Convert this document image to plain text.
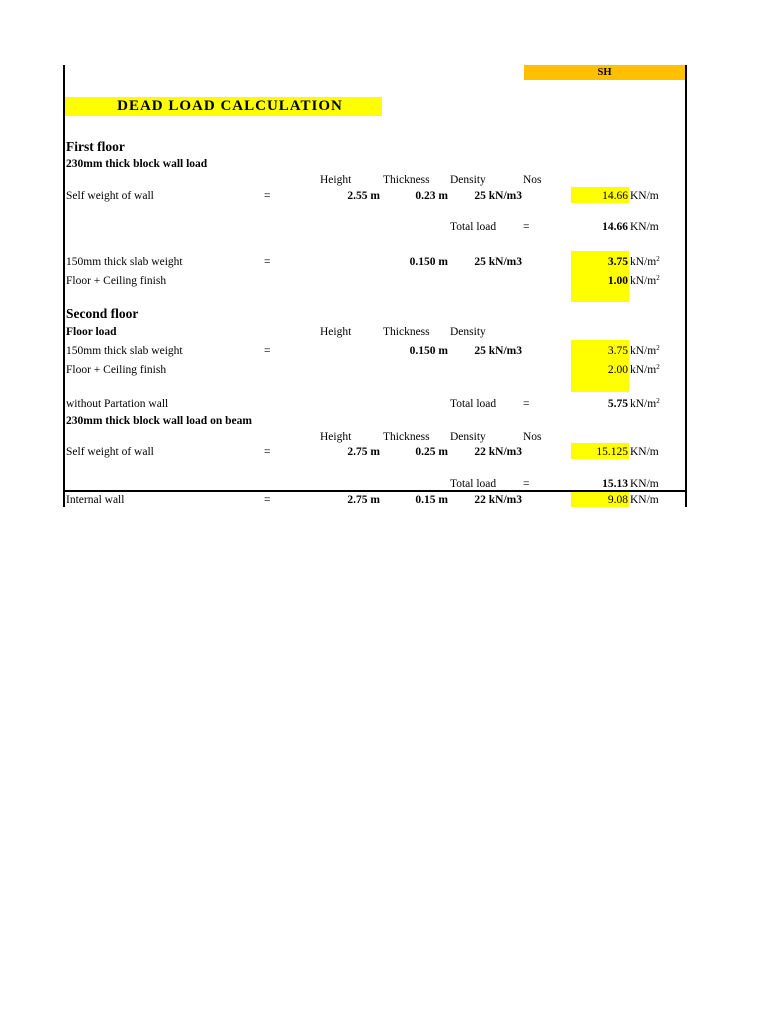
SH
DEAD LOAD CALCULATION
First floor
230mm thick block wall load
Height	Thickness Density	Nos
Self weight of wall	=	2.55 m	0.23 m	25 kN/m3	14.66 KN/m
Total load =	14.66 KN/m
150mm thick slab weight	=	0.150 m	25 kN/m3	3.75 $kN/m^2$
Floor + Ceiling finish	1.00 $kN/m^2$
Second floor
Floor load	Height	Thickness Density
150mm thick slab weight	=	0.150 m	25 kN/m3	3.75 $kN/m^2$
Floor + Ceiling finish	2.00 $kN/m^2$
without Partation wall	Total load =	5.75 $kN/m^2$
230mm thick block wall load on beam
Height	Thickness Density	Nos
Self weight of wall	=	2.75 m	0.25 m	22 kN/m3	15.125 KN/m
Total load =	15.13 KN/m
Internal wall	=	2.75 m	0.15 m	22 kN/m3	9.08 KN/m
